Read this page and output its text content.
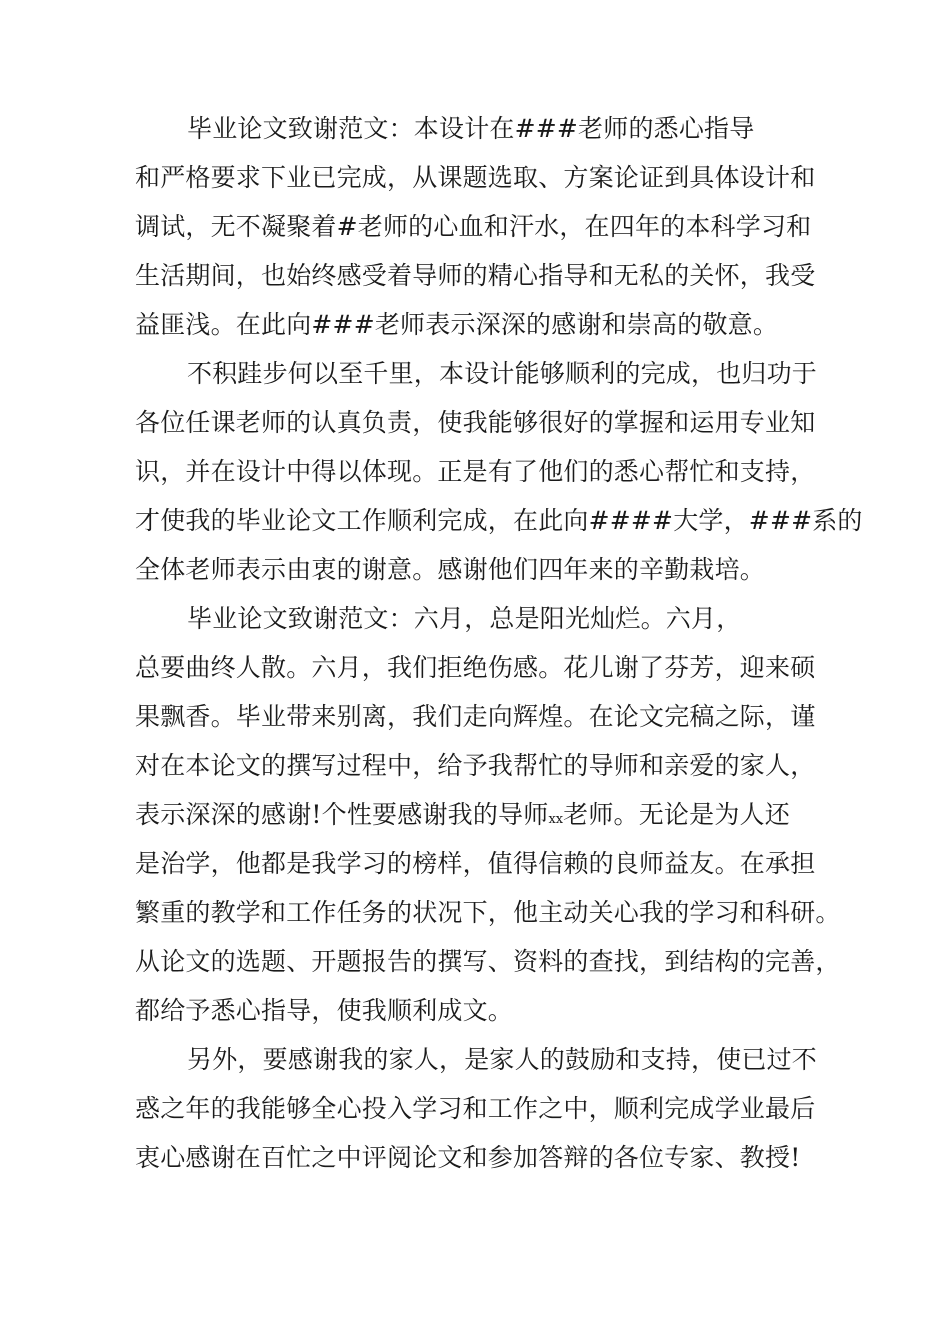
毕业论文致谢范文：本设计在###老师的悉心指导
和严格要求下业已完成，从课题选取、方案论证到具体设计和
调试，无不凝聚着#老师的心血和汗水，在四年的本科学习和
生活期间，也始终感受着导师的精心指导和无私的关怀，我受
益匪浅。在此向###老师表示深深的感谢和崇高的敬意。
不积跬步何以至千里，本设计能够顺利的完成，也归功于
各位任课老师的认真负责，使我能够很好的掌握和运用专业知
识，并在设计中得以体现。正是有了他们的悉心帮忙和支持，
才使我的毕业论文工作顺利完成，在此向####大学，###系的
全体老师表示由衷的谢意。感谢他们四年来的辛勤栽培。
毕业论文致谢范文：六月，总是阳光灿烂。六月，
总要曲终人散。六月，我们拒绝伤感。花儿谢了芬芳，迎来硕
果飘香。毕业带来别离，我们走向辉煌。在论文完稿之际，谨
对在本论文的撰写过程中，给予我帮忙的导师和亲爱的家人，
表示深深的感谢!个性要感谢我的导师xx老师。无论是为人还
是治学，他都是我学习的榜样，值得信赖的良师益友。在承担
繁重的教学和工作任务的状况下，他主动关心我的学习和科研。
从论文的选题、开题报告的撰写、资料的查找，到结构的完善，
都给予悉心指导，使我顺利成文。
另外，要感谢我的家人，是家人的鼓励和支持，使已过不
惑之年的我能够全心投入学习和工作之中，顺利完成学业最后
衷心感谢在百忙之中评阅论文和参加答辩的各位专家、教授!
